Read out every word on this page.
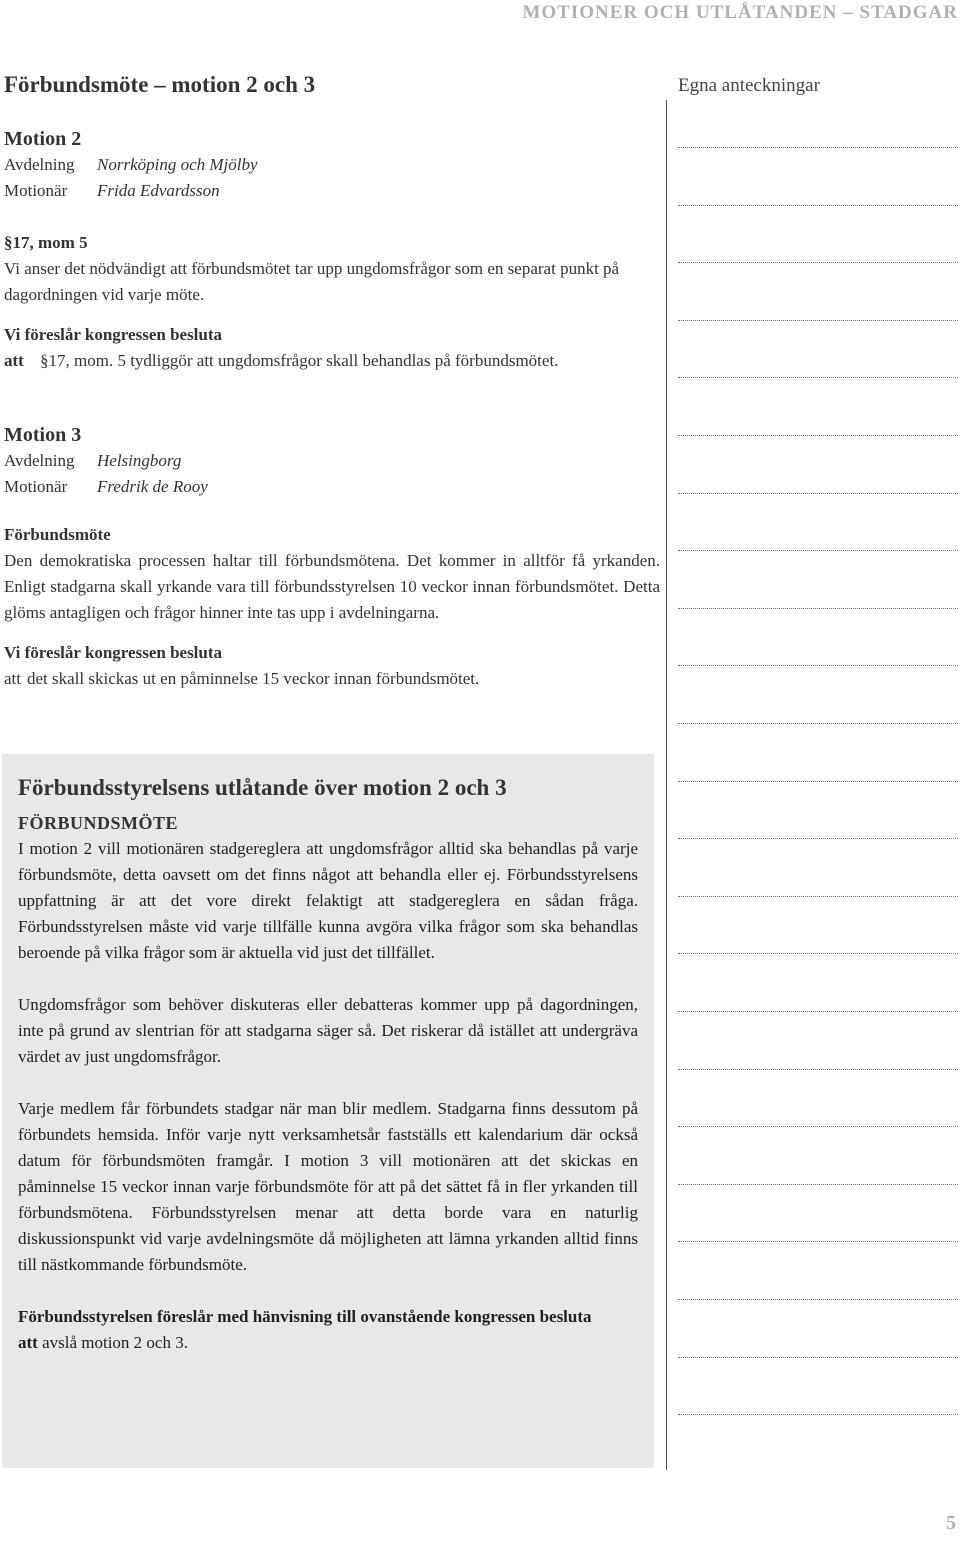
MOTIONER OCH UTLÅTANDEN – STADGAR
Förbundsmöte – motion 2 och 3	Egna anteckningar
Motion 2
Avdelning	Norrköping och Mjölby
Motionär	Frida Edvardsson
§17, mom 5
Vi anser det nödvändigt att förbundsmötet tar upp ungdomsfrågor som en separat punkt på dagordningen vid varje möte.
Vi föreslår kongressen besluta
att §17, mom. 5 tydliggör att ungdomsfrågor skall behandlas på förbundsmötet.
Motion 3
Avdelning	Helsingborg
Motionär	Fredrik de Rooy
Förbundsmöte
Den demokratiska processen haltar till förbundsmötena. Det kommer in alltför få yrkanden. Enligt stadgarna skall yrkande vara till förbundsstyrelsen 10 veckor innan förbundsmötet. Detta glöms antagligen och frågor hinner inte tas upp i avdelningarna.
Vi föreslår kongressen besluta
att det skall skickas ut en påminnelse 15 veckor innan förbundsmötet.
Förbundsstyrelsens utlåtande över motion 2 och 3
FÖRBUNDSMÖTE
I motion 2 vill motionären stadgereglera att ungdomsfrågor alltid ska behandlas på varje förbundsmöte, detta oavsett om det finns något att behandla eller ej. Förbundsstyrelsens uppfattning är att det vore direkt felaktigt att stadgereglera en sådan fråga. Förbundsstyrelsen måste vid varje tillfälle kunna avgöra vilka frågor som ska behandlas beroende på vilka frågor som är aktuella vid just det tillfället.
Ungdomsfrågor som behöver diskuteras eller debatteras kommer upp på dagordningen, inte på grund av slentrian för att stadgarna säger så. Det riskerar då istället att undergräva värdet av just ungdomsfrågor.
Varje medlem får förbundets stadgar när man blir medlem. Stadgarna finns dessutom på förbundets hemsida. Inför varje nytt verksamhetsår fastställs ett kalendarium där också datum för förbundsmöten framgår. I motion 3 vill motionären att det skickas en påminnelse 15 veckor innan varje förbundsmöte för att på det sättet få in fler yrkanden till förbundsmötena. Förbundsstyrelsen menar att detta borde vara en naturlig diskussionspunkt vid varje avdelningsmöte då möjligheten att lämna yrkanden alltid finns till nästkommande förbundsmöte.
Förbundsstyrelsen föreslår med hänvisning till ovanstående kongressen besluta
att avslå motion 2 och 3.
5
